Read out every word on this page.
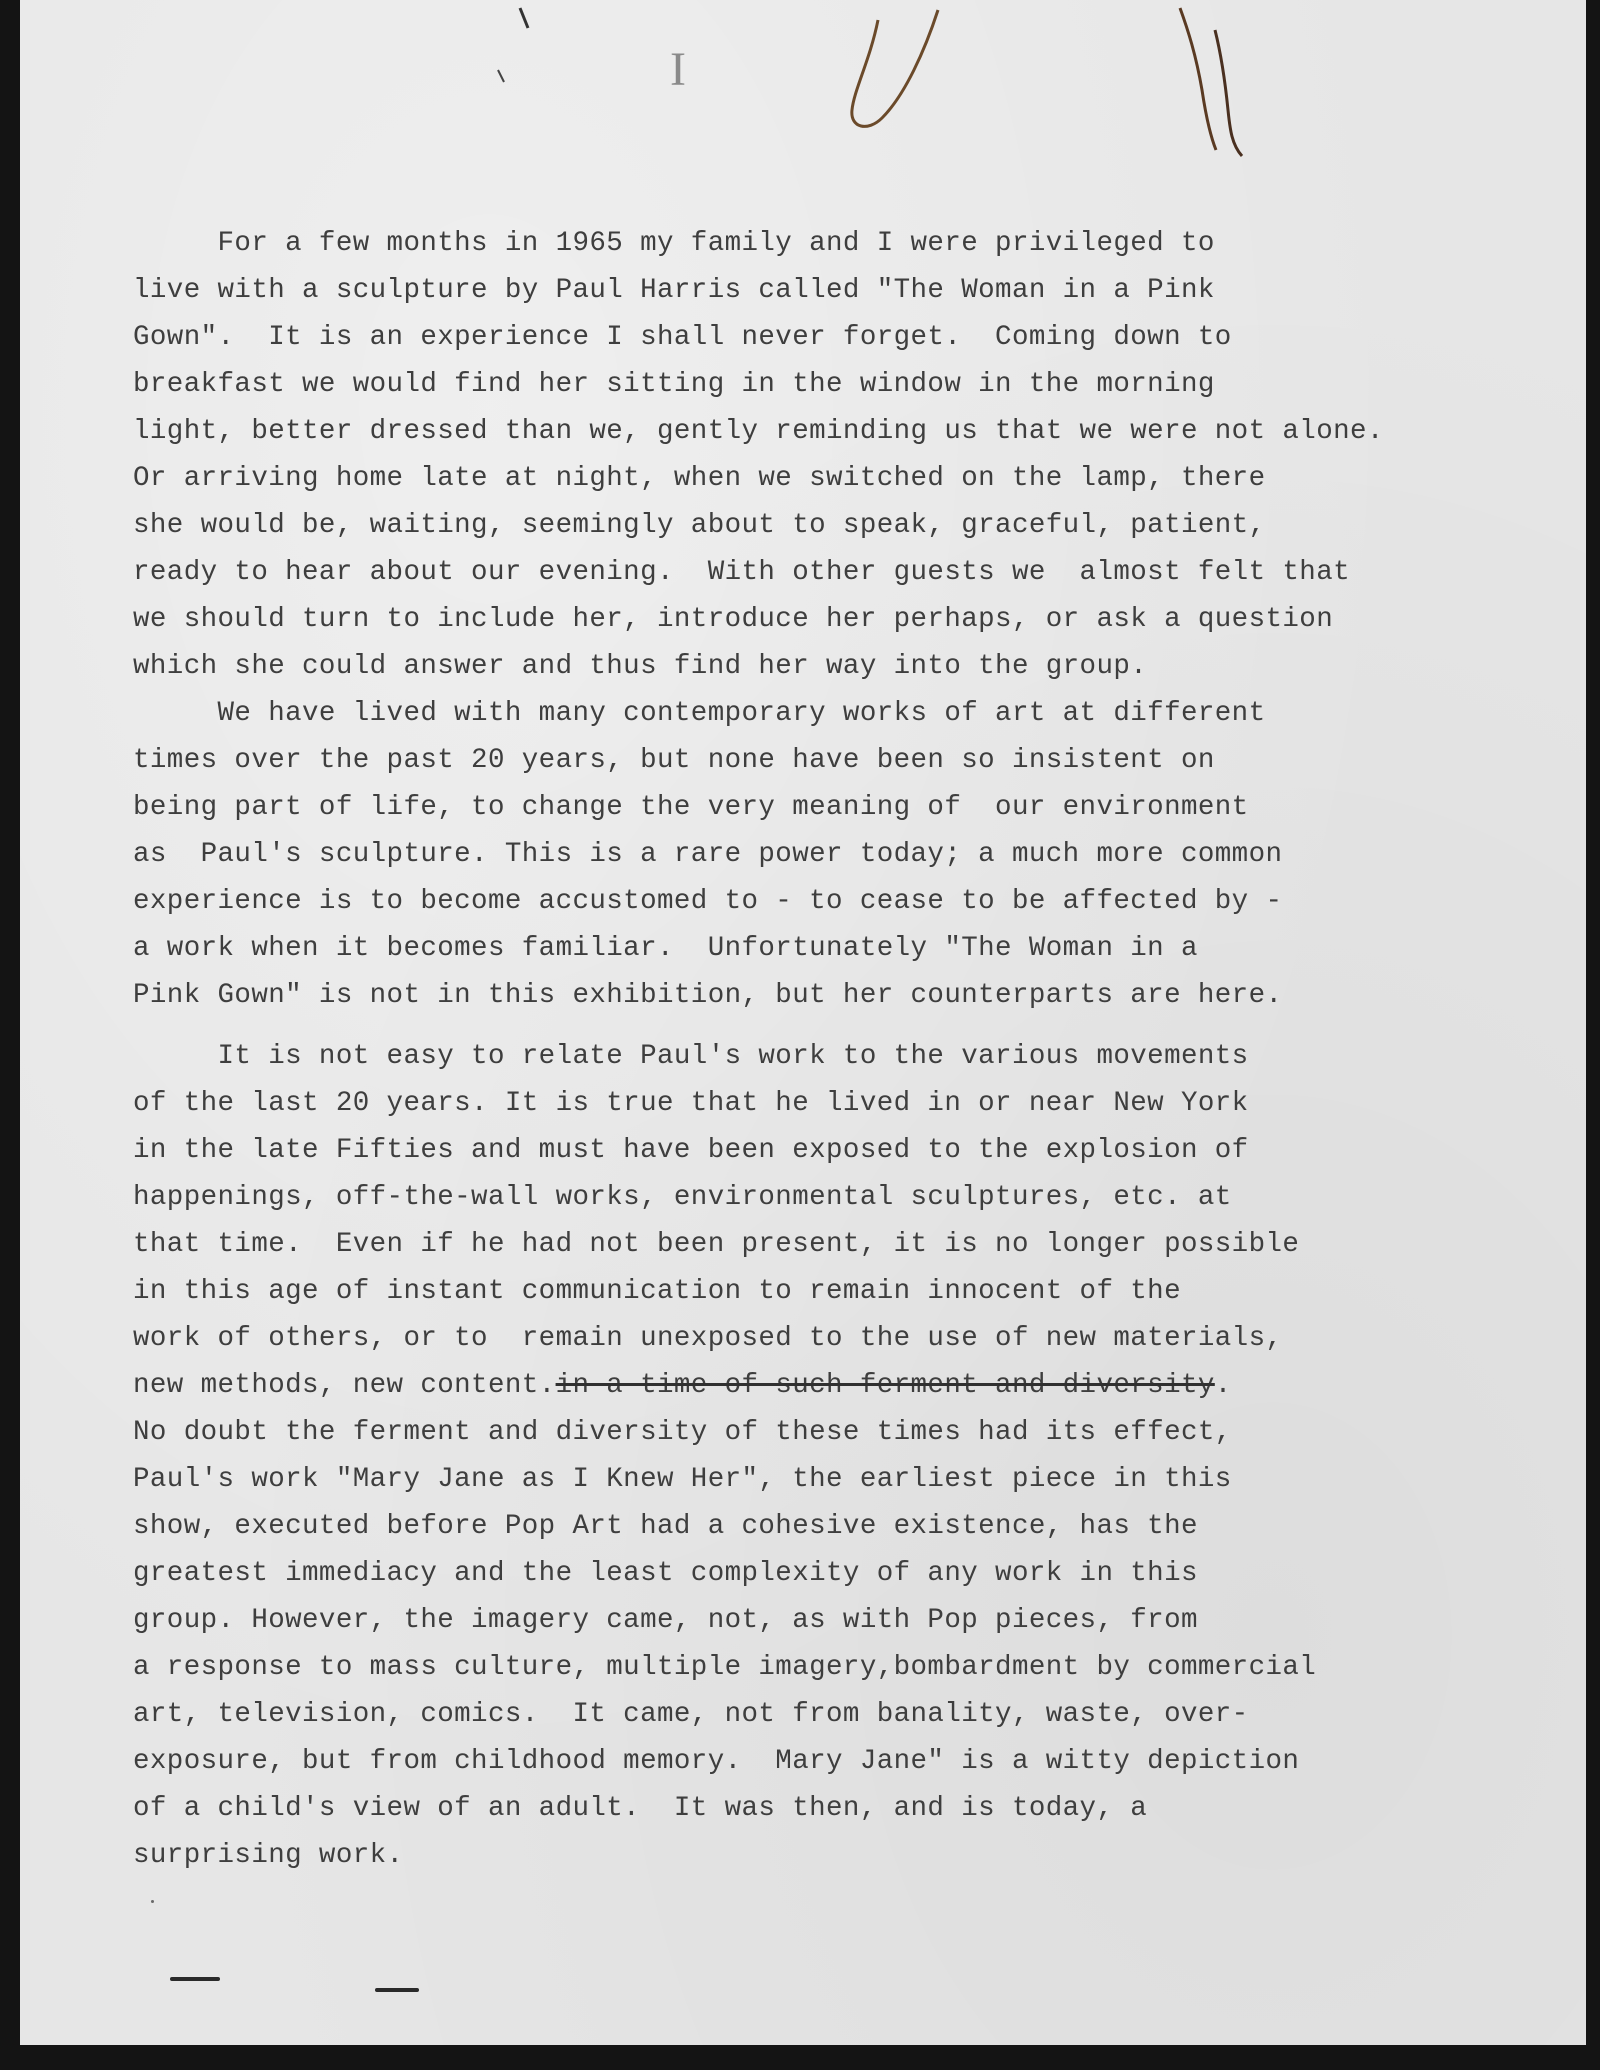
I
For a few months in 1965 my family and I were privileged to
live with a sculpture by Paul Harris called "The Woman in a Pink
Gown".  It is an experience I shall never forget.  Coming down to
breakfast we would find her sitting in the window in the morning
light, better dressed than we, gently reminding us that we were not alone.
Or arriving home late at night, when we switched on the lamp, there
she would be, waiting, seemingly about to speak, graceful, patient,
ready to hear about our evening.  With other guests we  almost felt that
we should turn to include her, introduce her perhaps, or ask a question
which she could answer and thus find her way into the group.
We have lived with many contemporary works of art at different
times over the past 20 years, but none have been so insistent on
being part of life, to change the very meaning of  our environment
as  Paul's sculpture. This is a rare power today; a much more common
experience is to become accustomed to - to cease to be affected by -
a work when it becomes familiar.  Unfortunately "The Woman in a
Pink Gown" is not in this exhibition, but her counterparts are here.
It is not easy to relate Paul's work to the various movements
of the last 20 years. It is true that he lived in or near New York
in the late Fifties and must have been exposed to the explosion of
happenings, off-the-wall works, environmental sculptures, etc. at
that time.  Even if he had not been present, it is no longer possible
in this age of instant communication to remain innocent of the
work of others, or to  remain unexposed to the use of new materials,
new methods, new content.in a time of such ferment and diversity.
No doubt the ferment and diversity of these times had its effect,
Paul's work "Mary Jane as I Knew Her", the earliest piece in this
show, executed before Pop Art had a cohesive existence, has the
greatest immediacy and the least complexity of any work in this
group. However, the imagery came, not, as with Pop pieces, from
a response to mass culture, multiple imagery,bombardment by commercial
art, television, comics.  It came, not from banality, waste, over-
exposure, but from childhood memory.  Mary Jane" is a witty depiction
of a child's view of an adult.  It was then, and is today, a
surprising work.
